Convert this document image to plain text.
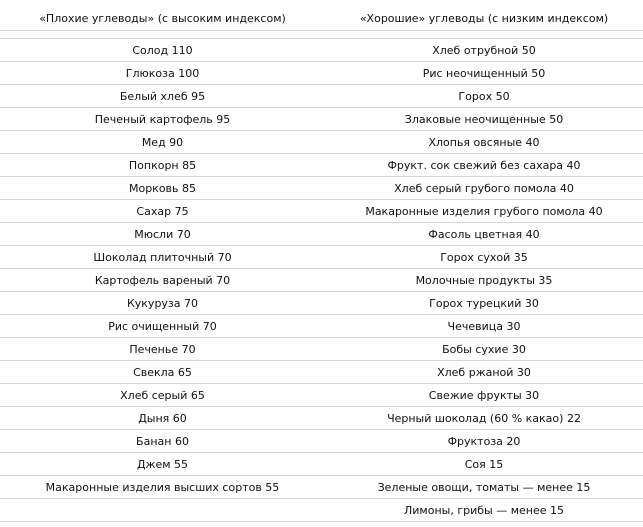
«Плохие углеводы» (с высоким индексом)	«Хорошие» углеводы (с низким индексом)

Солод 110	Хлеб отрубной 50
Глюкоза 100	Рис неочищенный 50
Белый хлеб 95	Горох 50
Печеный картофель 95	Злаковые неочищенные 50
Мед 90	Хлопья овсяные 40
Попкорн 85	Фрукт. сок свежий без сахара 40
Морковь 85	Хлеб серый грубого помола 40
Сахар 75	Макаронные изделия грубого помола 40
Мюсли 70	Фасоль цветная 40
Шоколад плиточный 70	Горох сухой 35
Картофель вареный 70	Молочные продукты 35
Кукуруза 70	Горох турецкий 30
Рис очищенный 70	Чечевица 30
Печенье 70	Бобы сухие 30
Свекла 65	Хлеб ржаной 30
Хлеб серый 65	Свежие фрукты 30
Дыня 60	Черный шоколад (60 % какао) 22
Банан 60	Фруктоза 20
Джем 55	Соя 15
Макаронные изделия высших сортов 55	Зеленые овощи, томаты — менее 15
	Лимоны, грибы — менее 15
